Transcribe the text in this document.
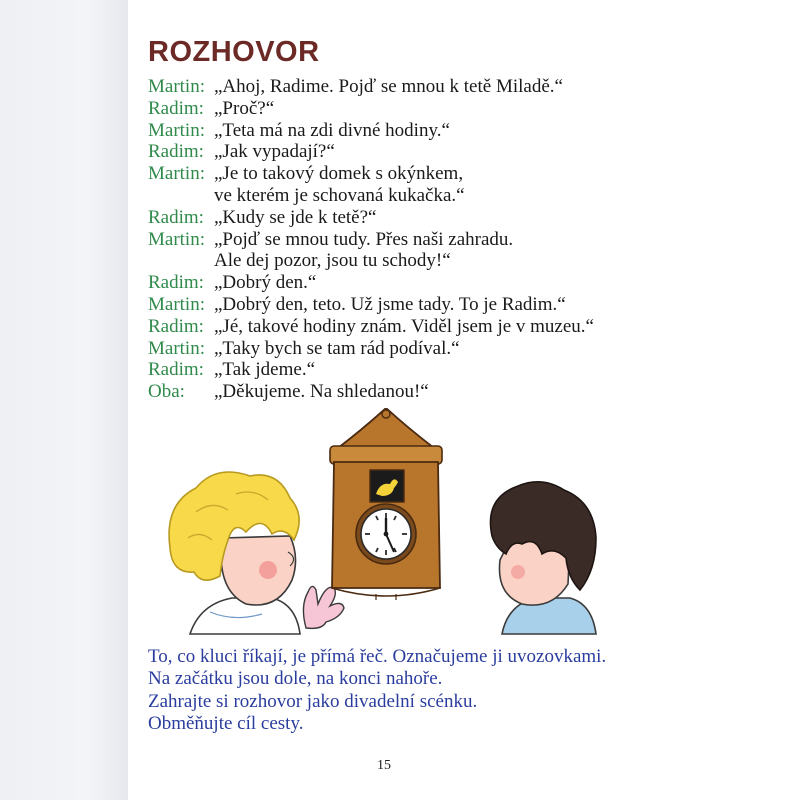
ROZHOVOR
Martin: „Ahoj, Radime. Pojď se mnou k tetě Miladě.“
Radim: „Proč?“
Martin: „Teta má na zdi divné hodiny.“
Radim: „Jak vypadají?“
Martin: „Je to takový domek s okýnkem,
ve kterém je schovaná kukačka.“
Radim: „Kudy se jde k tetě?“
Martin: „Pojď se mnou tudy. Přes naši zahradu.
Ale dej pozor, jsou tu schody!“
Radim: „Dobrý den.“
Martin: „Dobrý den, teto. Už jsme tady. To je Radim.“
Radim: „Jé, takové hodiny znám. Viděl jsem je v muzeu.“
Martin: „Taky bych se tam rád podíval.“
Radim: „Tak jdeme.“
Oba:	„Děkujeme. Na shledanou!“
To, co kluci říkají, je přímá řeč. Označujeme ji uvozovkami.
Na začátku jsou dole, na konci nahoře.
Zahrajte si rozhovor jako divadelní scénku.
Obměňujte cíl cesty.
15
